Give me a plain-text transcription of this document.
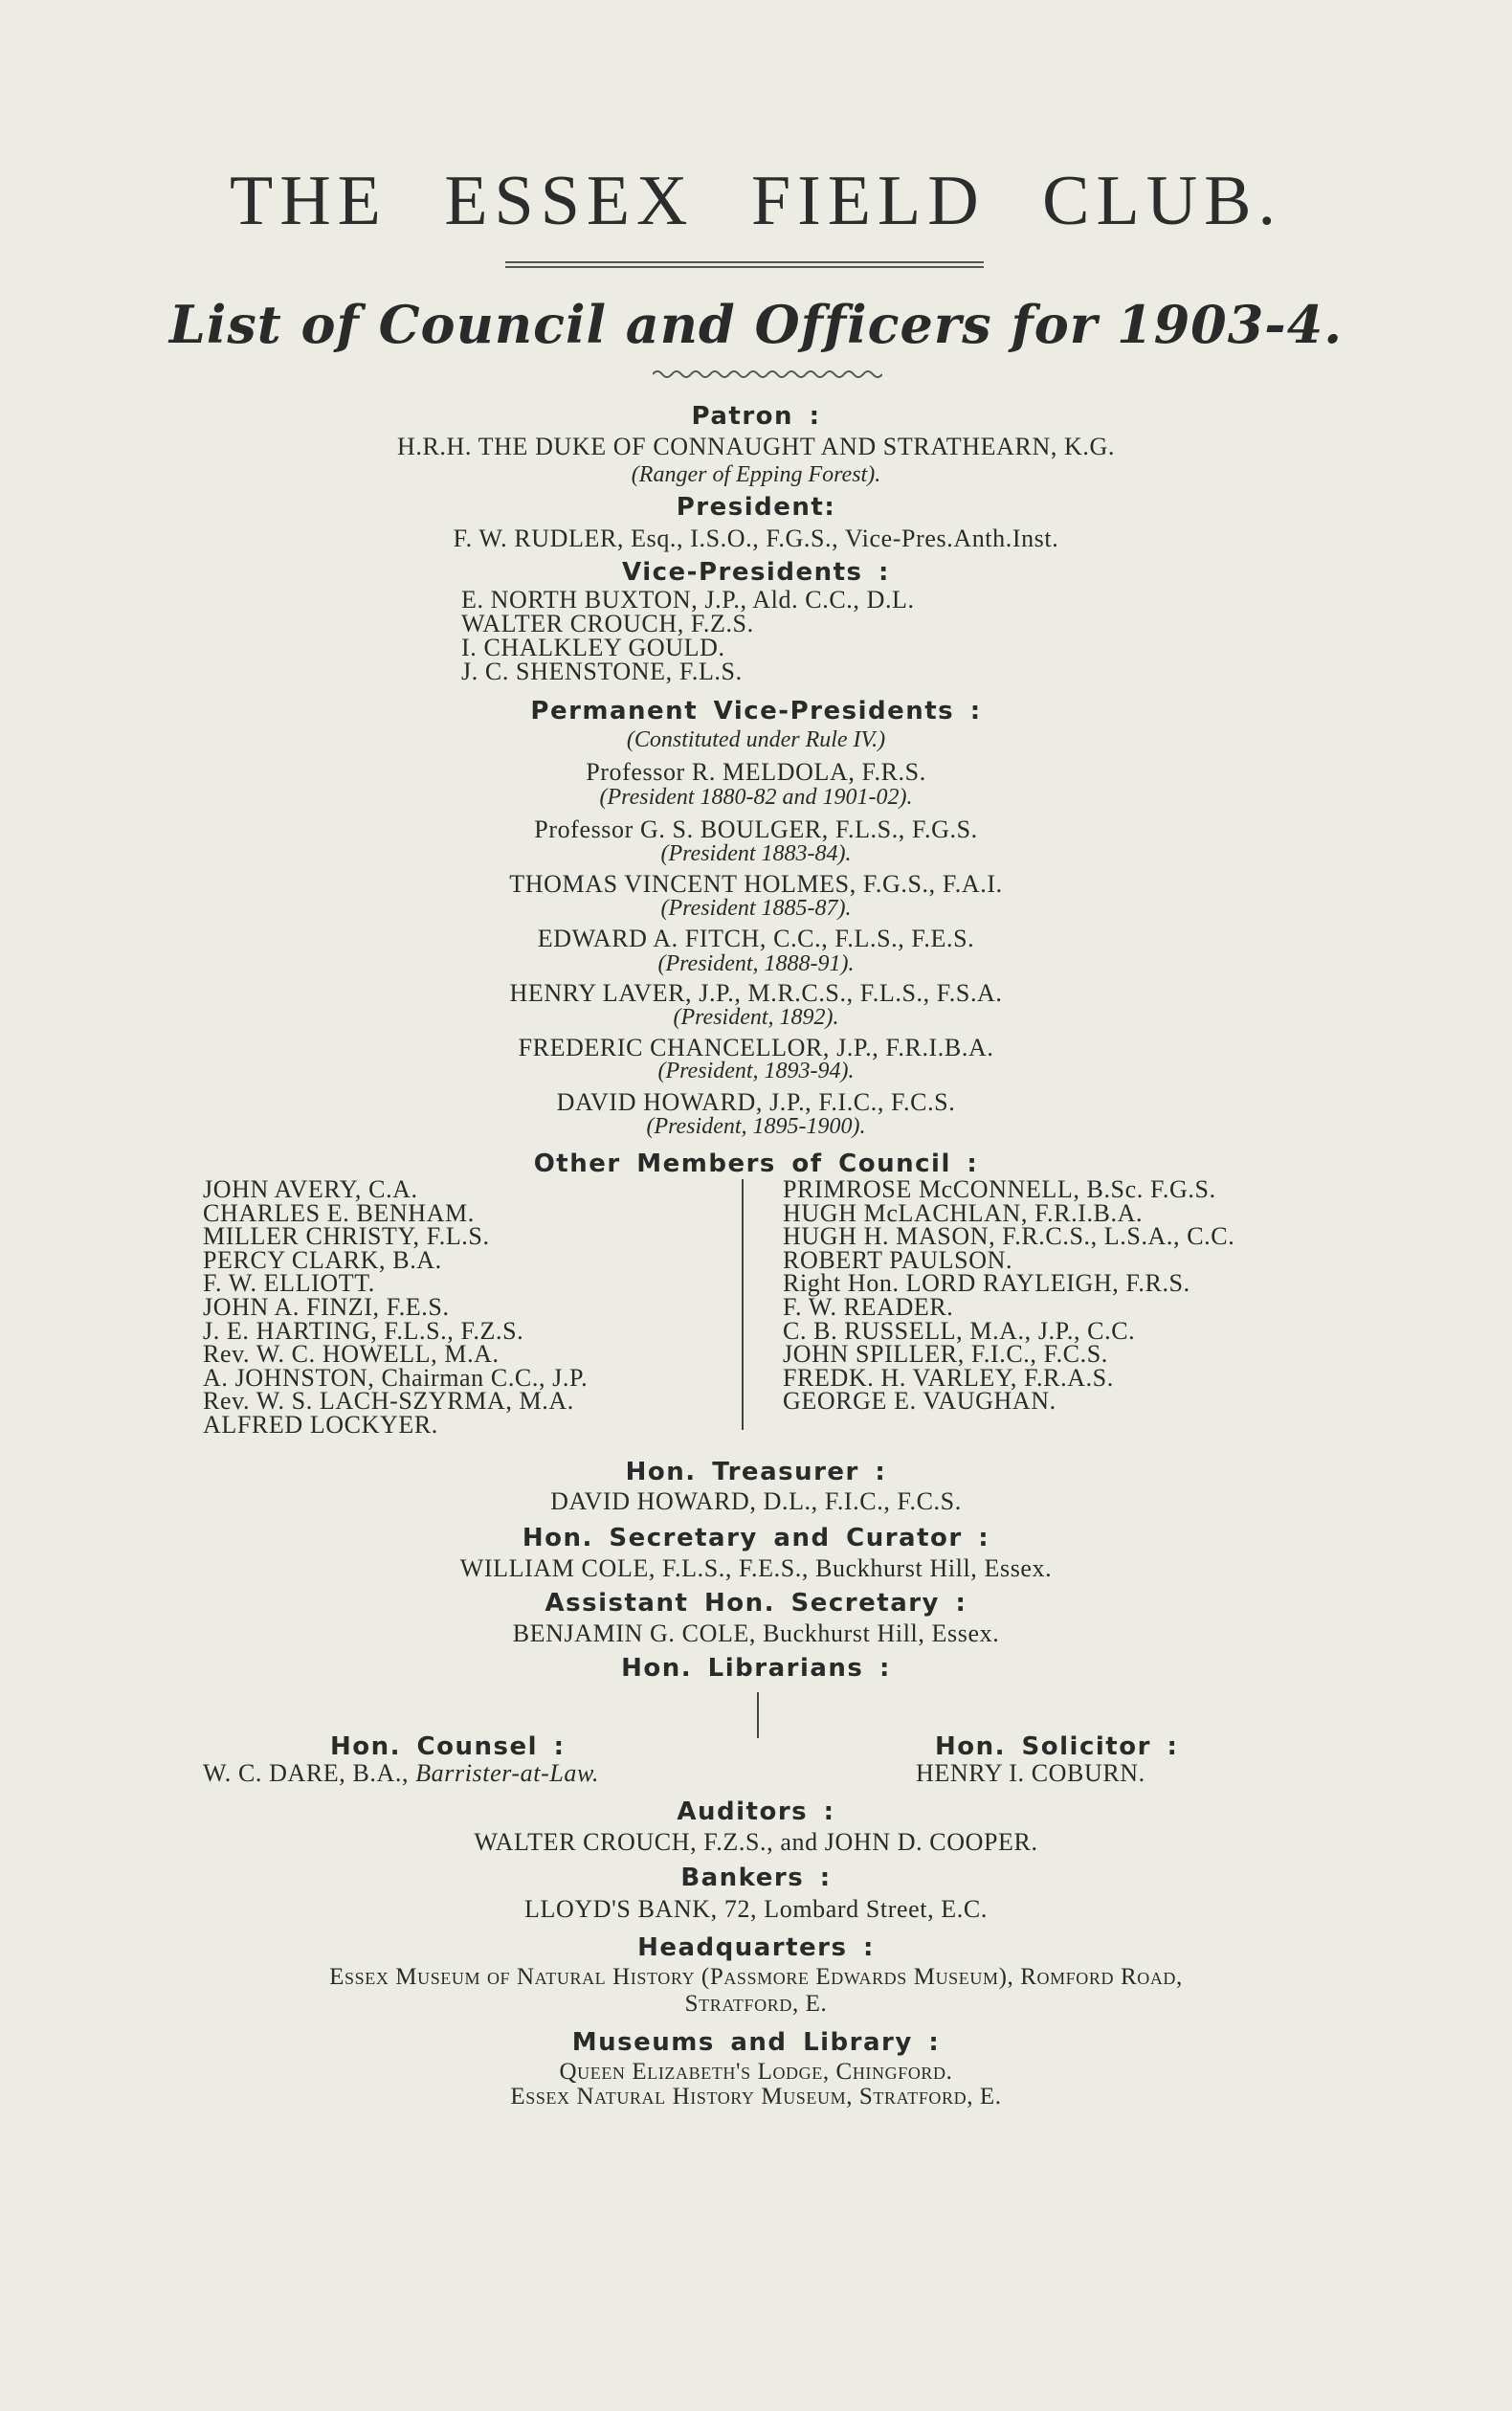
THE ESSEX FIELD CLUB.
List of Council and Officers for 1903-4.
Patron :
H.R.H. THE DUKE OF CONNAUGHT AND STRATHEARN, K.G.
(Ranger of Epping Forest).
President:
F. W. RUDLER, Esq., I.S.O., F.G.S., Vice-Pres.Anth.Inst.
Vice-Presidents :
E. NORTH BUXTON, J.P., Ald. C.C., D.L.
WALTER CROUCH, F.Z.S.
I. CHALKLEY GOULD.
J. C. SHENSTONE, F.L.S.
Permanent Vice-Presidents :
(Constituted under Rule IV.)
Professor R. MELDOLA, F.R.S.
(President 1880-82 and 1901-02).
Professor G. S. BOULGER, F.L.S., F.G.S.
(President 1883-84).
THOMAS VINCENT HOLMES, F.G.S., F.A.I.
(President 1885-87).
EDWARD A. FITCH, C.C., F.L.S., F.E.S.
(President, 1888-91).
HENRY LAVER, J.P., M.R.C.S., F.L.S., F.S.A.
(President, 1892).
FREDERIC CHANCELLOR, J.P., F.R.I.B.A.
(President, 1893-94).
DAVID HOWARD, J.P., F.I.C., F.C.S.
(President, 1895-1900).
Other Members of Council :
JOHN AVERY, C.A.
CHARLES E. BENHAM.
MILLER CHRISTY, F.L.S.
PERCY CLARK, B.A.
F. W. ELLIOTT.
JOHN A. FINZI, F.E.S.
J. E. HARTING, F.L.S., F.Z.S.
Rev. W. C. HOWELL, M.A.
A. JOHNSTON, Chairman C.C., J.P.
Rev. W. S. LACH-SZYRMA, M.A.
ALFRED LOCKYER.
PRIMROSE McCONNELL, B.Sc. F.G.S.
HUGH McLACHLAN, F.R.I.B.A.
HUGH H. MASON, F.R.C.S., L.S.A., C.C.
ROBERT PAULSON.
Right Hon. LORD RAYLEIGH, F.R.S.
F. W. READER.
C. B. RUSSELL, M.A., J.P., C.C.
JOHN SPILLER, F.I.C., F.C.S.
FREDK. H. VARLEY, F.R.A.S.
GEORGE E. VAUGHAN.
Hon. Treasurer :
DAVID HOWARD, D.L., F.I.C., F.C.S.
Hon. Secretary and Curator :
WILLIAM COLE, F.L.S., F.E.S., Buckhurst Hill, Essex.
Assistant Hon. Secretary :
BENJAMIN G. COLE, Buckhurst Hill, Essex.
Hon. Librarians :
Hon. Counsel :
W. C. DARE, B.A., Barrister-at-Law.
Hon. Solicitor :
HENRY I. COBURN.
Auditors :
WALTER CROUCH, F.Z.S., and JOHN D. COOPER.
Bankers :
LLOYD'S BANK, 72, Lombard Street, E.C.
Headquarters :
Essex Museum of Natural History (Passmore Edwards Museum), Romford Road,
Stratford, E.
Museums and Library :
Queen Elizabeth's Lodge, Chingford.
Essex Natural History Museum, Stratford, E.
